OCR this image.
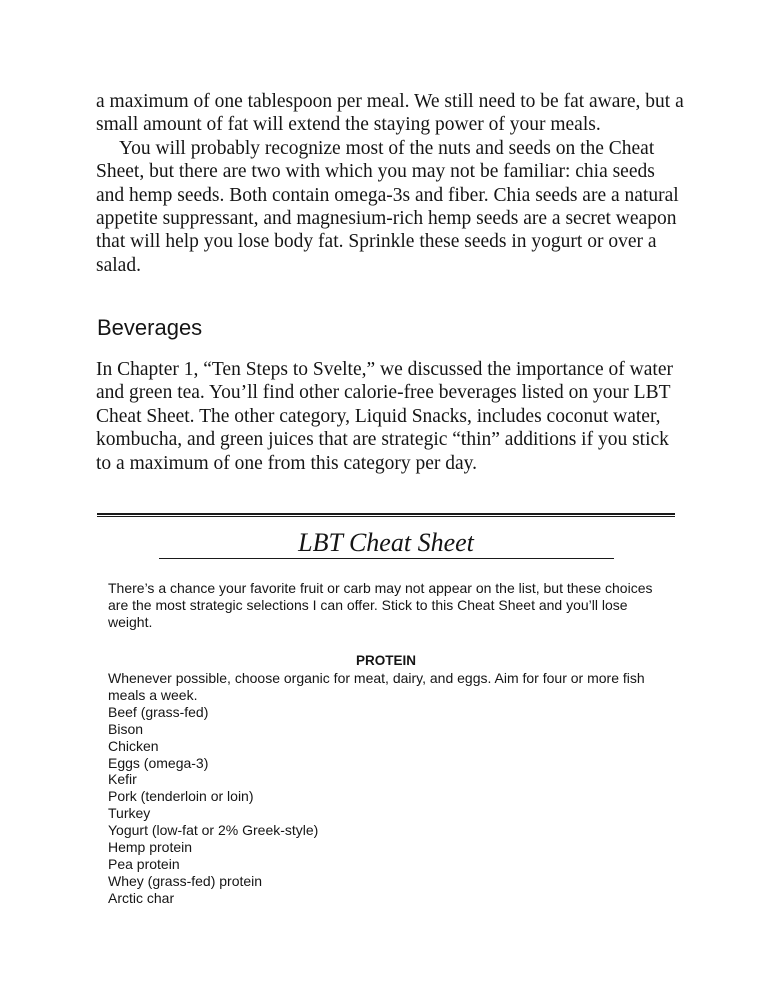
a maximum of one tablespoon per meal. We still need to be fat aware, but a small amount of fat will extend the staying power of your meals.

You will probably recognize most of the nuts and seeds on the Cheat Sheet, but there are two with which you may not be familiar: chia seeds and hemp seeds. Both contain omega-3s and fiber. Chia seeds are a natural appetite suppressant, and magnesium-rich hemp seeds are a secret weapon that will help you lose body fat. Sprinkle these seeds in yogurt or over a salad.

Beverages

In Chapter 1, “Ten Steps to Svelte,” we discussed the importance of water and green tea. You’ll find other calorie-free beverages listed on your LBT Cheat Sheet. The other category, Liquid Snacks, includes coconut water, kombucha, and green juices that are strategic “thin” additions if you stick to a maximum of one from this category per day.

LBT Cheat Sheet

There’s a chance your favorite fruit or carb may not appear on the list, but these choices are the most strategic selections I can offer. Stick to this Cheat Sheet and you’ll lose weight.

PROTEIN

Whenever possible, choose organic for meat, dairy, and eggs. Aim for four or more fish meals a week.

Beef (grass-fed)
Bison
Chicken
Eggs (omega-3)
Kefir
Pork (tenderloin or loin)
Turkey
Yogurt (low-fat or 2% Greek-style)
Hemp protein
Pea protein
Whey (grass-fed) protein
Arctic char
